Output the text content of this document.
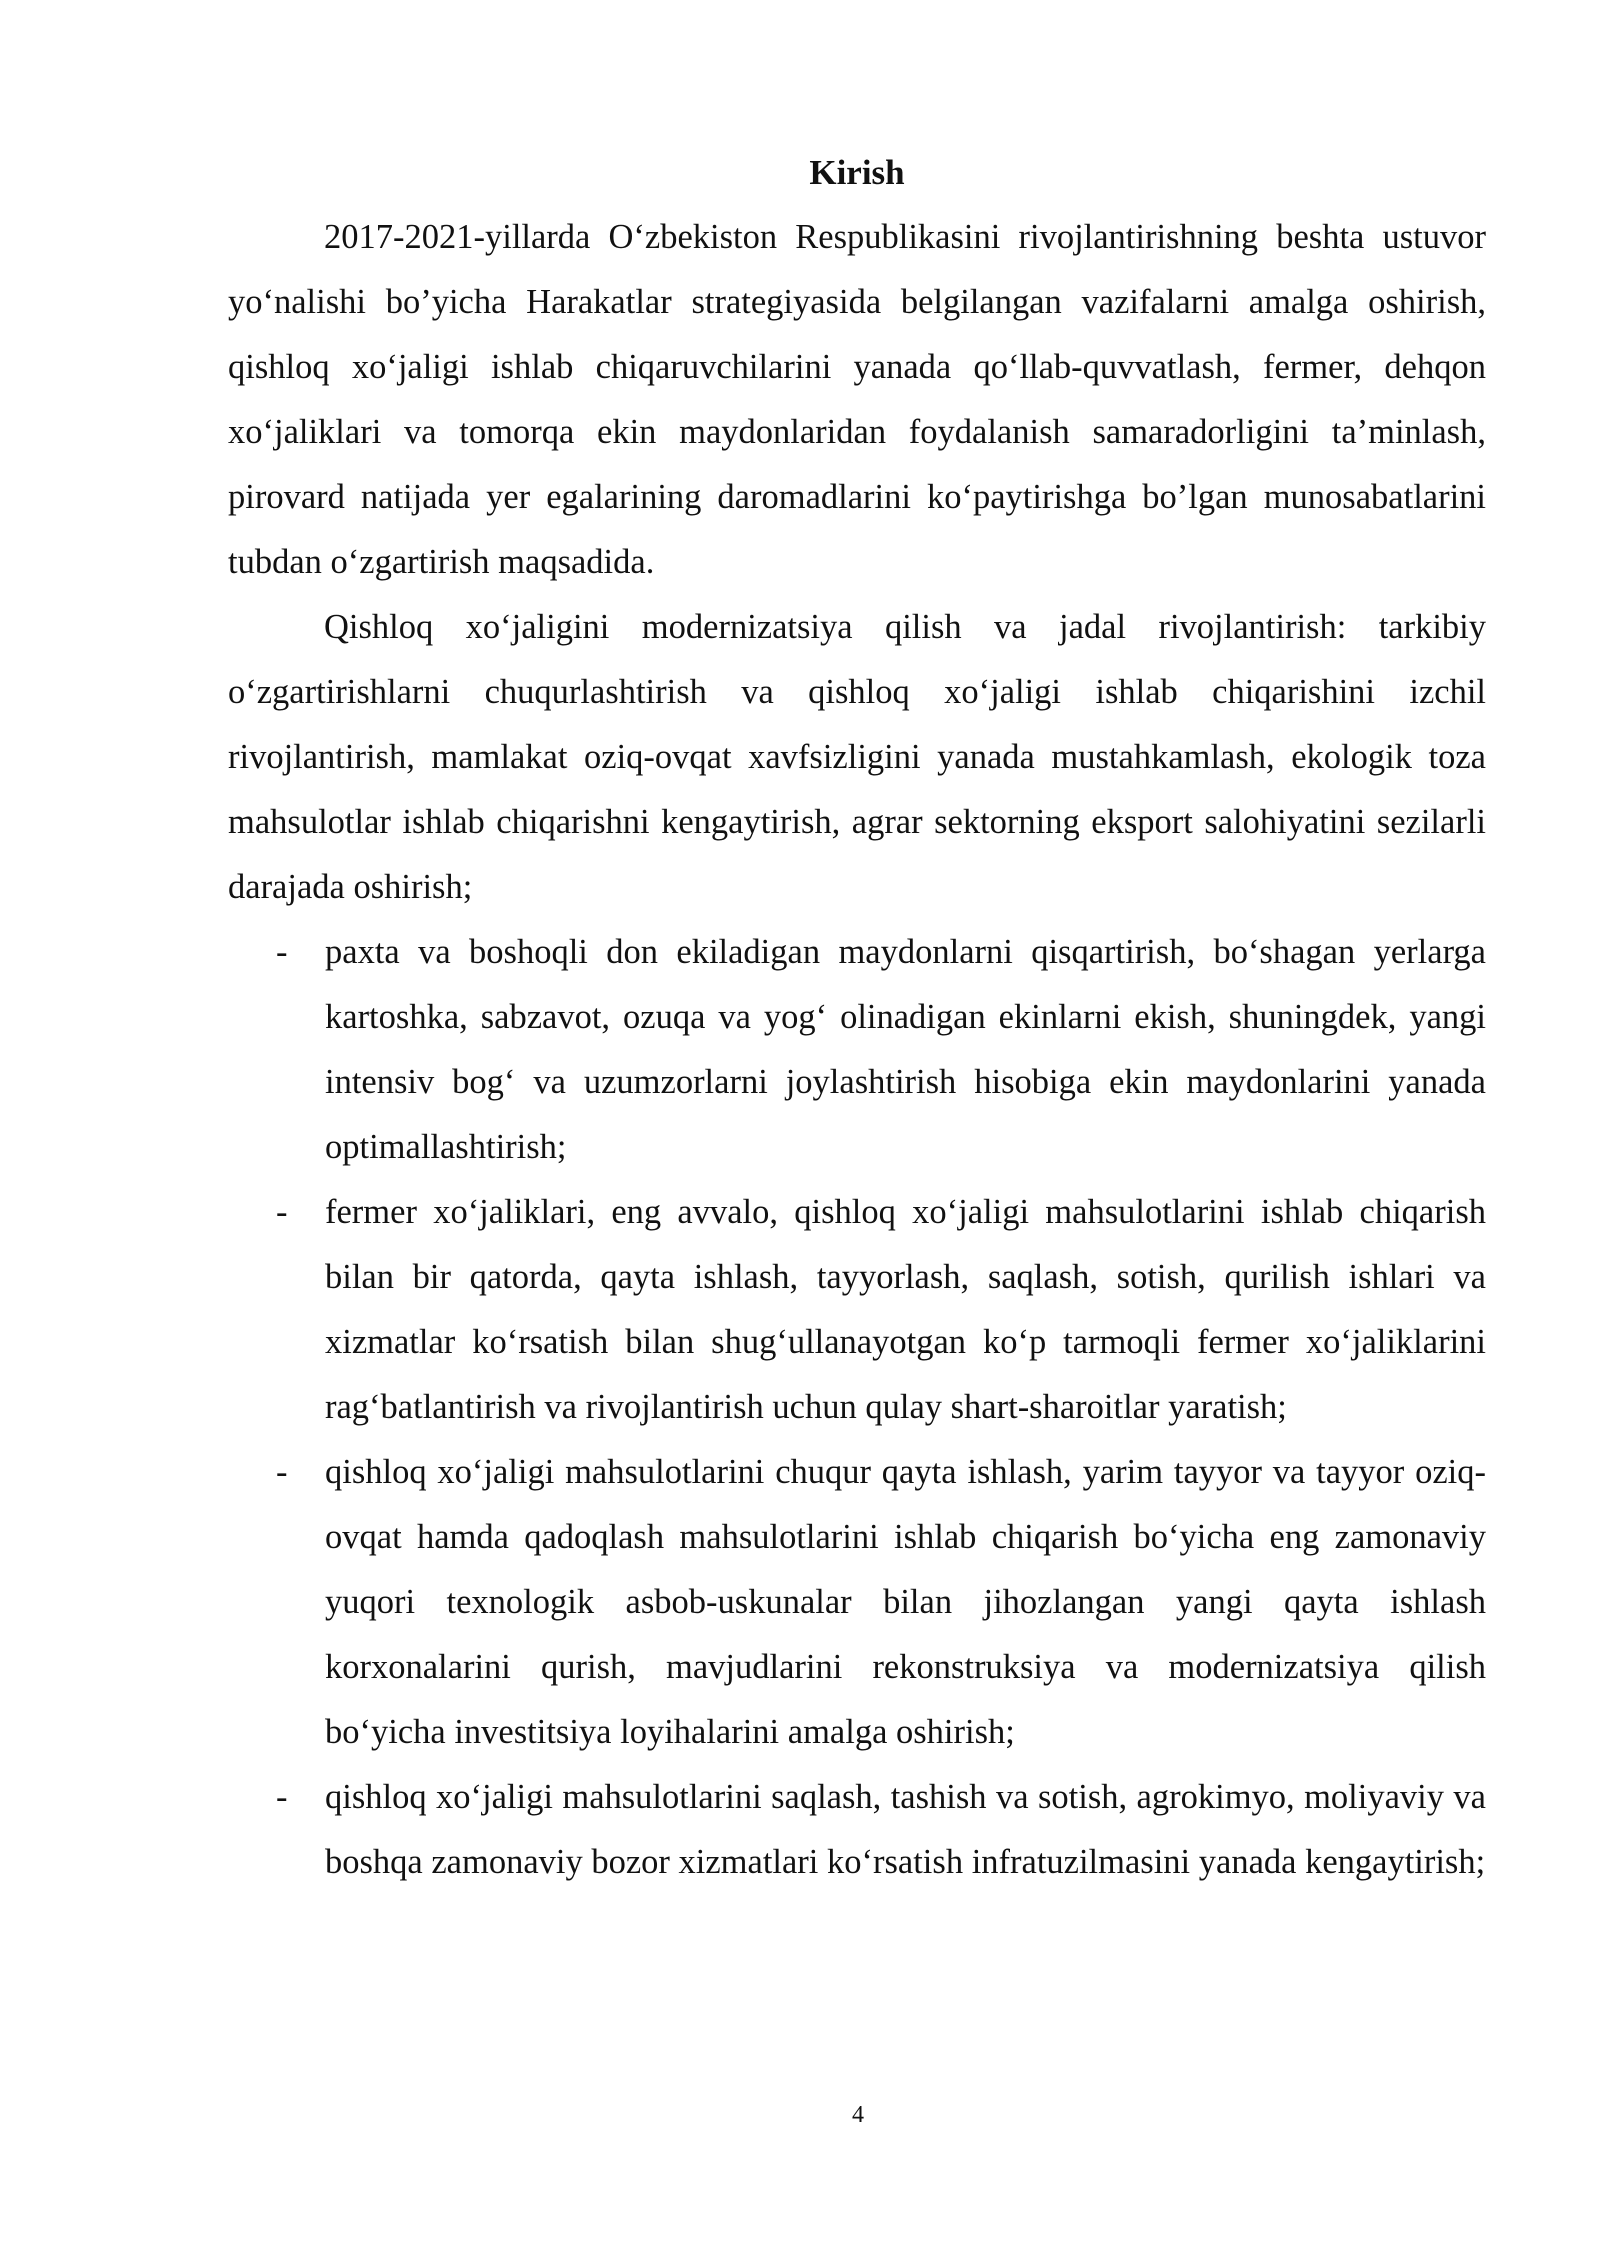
Kirish

2017-2021-yillarda O‘zbekiston Respublikasini rivojlantirishning beshta ustuvor yo‘nalishi bo’yicha Harakatlar strategiyasida belgilangan vazifalarni amalga oshirish, qishloq xo‘jaligi ishlab chiqaruvchilarini yanada qo‘llab-quvvatlash, fermer, dehqon xo‘jaliklari va tomorqa ekin maydonlaridan foydalanish samaradorligini ta’minlash, pirovard natijada yer egalarining daromadlarini ko‘paytirishga bo’lgan munosabatlarini tubdan o‘zgartirish maqsadida.

Qishloq xo‘jaligini modernizatsiya qilish va jadal rivojlantirish: tarkibiy o‘zgartirishlarni chuqurlashtirish va qishloq xo‘jaligi ishlab chiqarishini izchil rivojlantirish, mamlakat oziq-ovqat xavfsizligini yanada mustahkamlash, ekologik toza mahsulotlar ishlab chiqarishni kengaytirish, agrar sektorning eksport salohiyatini sezilarli darajada oshirish;

- paxta va boshoqli don ekiladigan maydonlarni qisqartirish, bo‘shagan yerlarga kartoshka, sabzavot, ozuqa va yog‘ olinadigan ekinlarni ekish, shuningdek, yangi intensiv bog‘ va uzumzorlarni joylashtirish hisobiga ekin maydonlarini yanada optimallashtirish;
- fermer xo‘jaliklari, eng avvalo, qishloq xo‘jaligi mahsulotlarini ishlab chiqarish bilan bir qatorda, qayta ishlash, tayyorlash, saqlash, sotish, qurilish ishlari va xizmatlar ko‘rsatish bilan shug‘ullanayotgan ko‘p tarmoqli fermer xo‘jaliklarini rag‘batlantirish va rivojlantirish uchun qulay shart-sharoitlar yaratish;
- qishloq xo‘jaligi mahsulotlarini chuqur qayta ishlash, yarim tayyor va tayyor oziq-ovqat hamda qadoqlash mahsulotlarini ishlab chiqarish bo‘yicha eng zamonaviy yuqori texnologik asbob-uskunalar bilan jihozlangan yangi qayta ishlash korxonalarini qurish, mavjudlarini rekonstruksiya va modernizatsiya qilish bo‘yicha investitsiya loyihalarini amalga oshirish;
- qishloq xo‘jaligi mahsulotlarini saqlash, tashish va sotish, agrokimyo, moliyaviy va boshqa zamonaviy bozor xizmatlari ko‘rsatish infratuzilmasini yanada kengaytirish;
4
